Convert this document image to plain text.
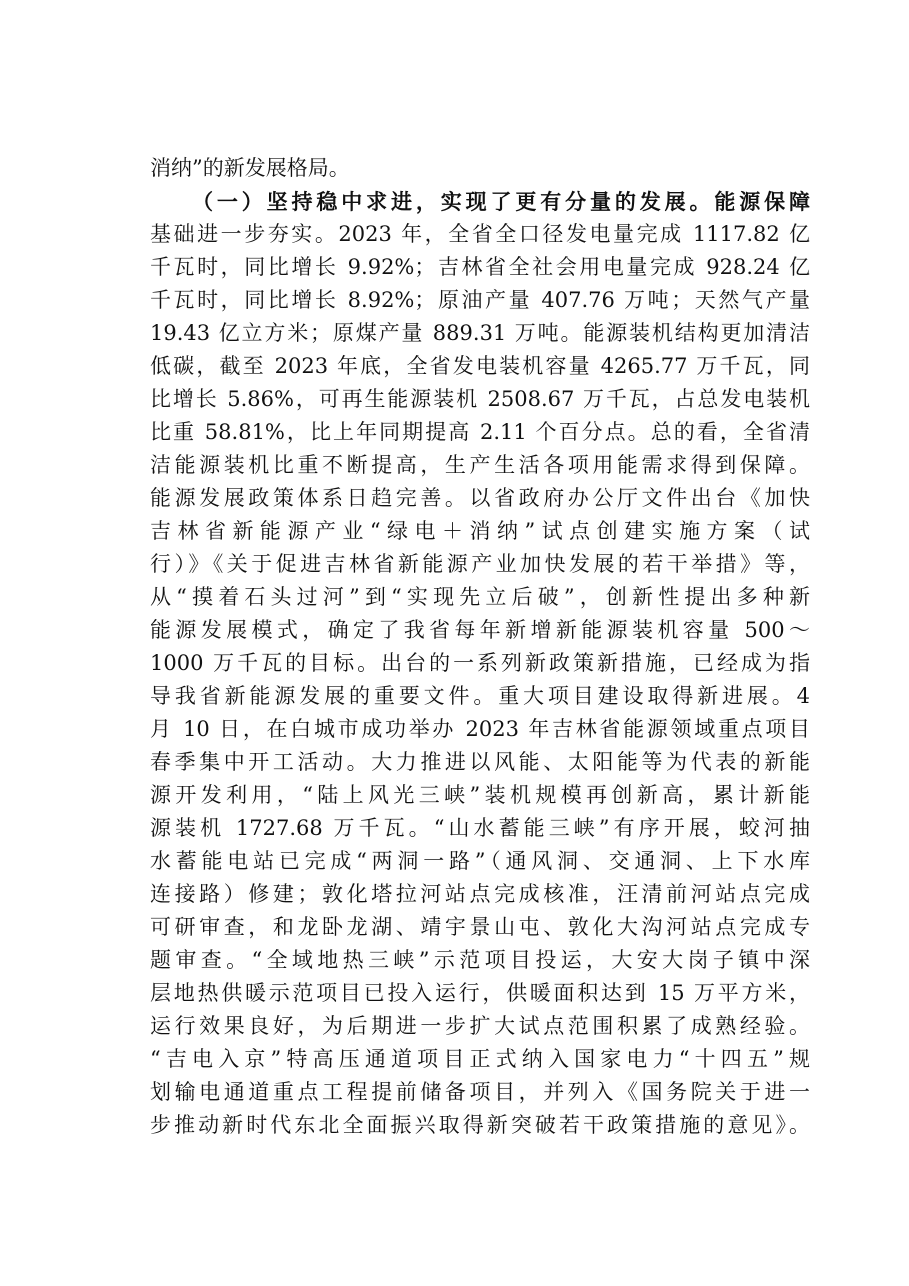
消纳”的新发展格局。
（一）坚持稳中求进，实现了更有分量的发展。能源保障
基础进一步夯实。2023 年，全省全口径发电量完成 1117.82 亿
千瓦时，同比增长 9.92%；吉林省全社会用电量完成 928.24 亿
千瓦时，同比增长 8.92%；原油产量 407.76 万吨；天然气产量
19.43 亿立方米；原煤产量 889.31 万吨。能源装机结构更加清洁
低碳，截至 2023 年底，全省发电装机容量 4265.77 万千瓦，同
比增长 5.86%，可再生能源装机 2508.67 万千瓦，占总发电装机
比重 58.81%，比上年同期提高 2.11 个百分点。总的看，全省清
洁能源装机比重不断提高，生产生活各项用能需求得到保障。
能源发展政策体系日趋完善。以省政府办公厅文件出台《加快
吉林省新能源产业“绿电＋消纳”试点创建实施方案（试
行）》《关于促进吉林省新能源产业加快发展的若干举措》等，
从“摸着石头过河”到“实现先立后破”，创新性提出多种新
能源发展模式，确定了我省每年新增新能源装机容量 500～
1000 万千瓦的目标。出台的一系列新政策新措施，已经成为指
导我省新能源发展的重要文件。重大项目建设取得新进展。4
月 10 日，在白城市成功举办 2023 年吉林省能源领域重点项目
春季集中开工活动。大力推进以风能、太阳能等为代表的新能
源开发利用，“陆上风光三峡”装机规模再创新高，累计新能
源装机 1727.68 万千瓦。“山水蓄能三峡”有序开展，蛟河抽
水蓄能电站已完成“两洞一路”（通风洞、交通洞、上下水库
连接路）修建；敦化塔拉河站点完成核准，汪清前河站点完成
可研审查，和龙卧龙湖、靖宇景山屯、敦化大沟河站点完成专
题审查。“全域地热三峡”示范项目投运，大安大岗子镇中深
层地热供暖示范项目已投入运行，供暖面积达到 15 万平方米，
运行效果良好，为后期进一步扩大试点范围积累了成熟经验。
“吉电入京”特高压通道项目正式纳入国家电力“十四五”规
划输电通道重点工程提前储备项目，并列入《国务院关于进一
步推动新时代东北全面振兴取得新突破若干政策措施的意见》。
